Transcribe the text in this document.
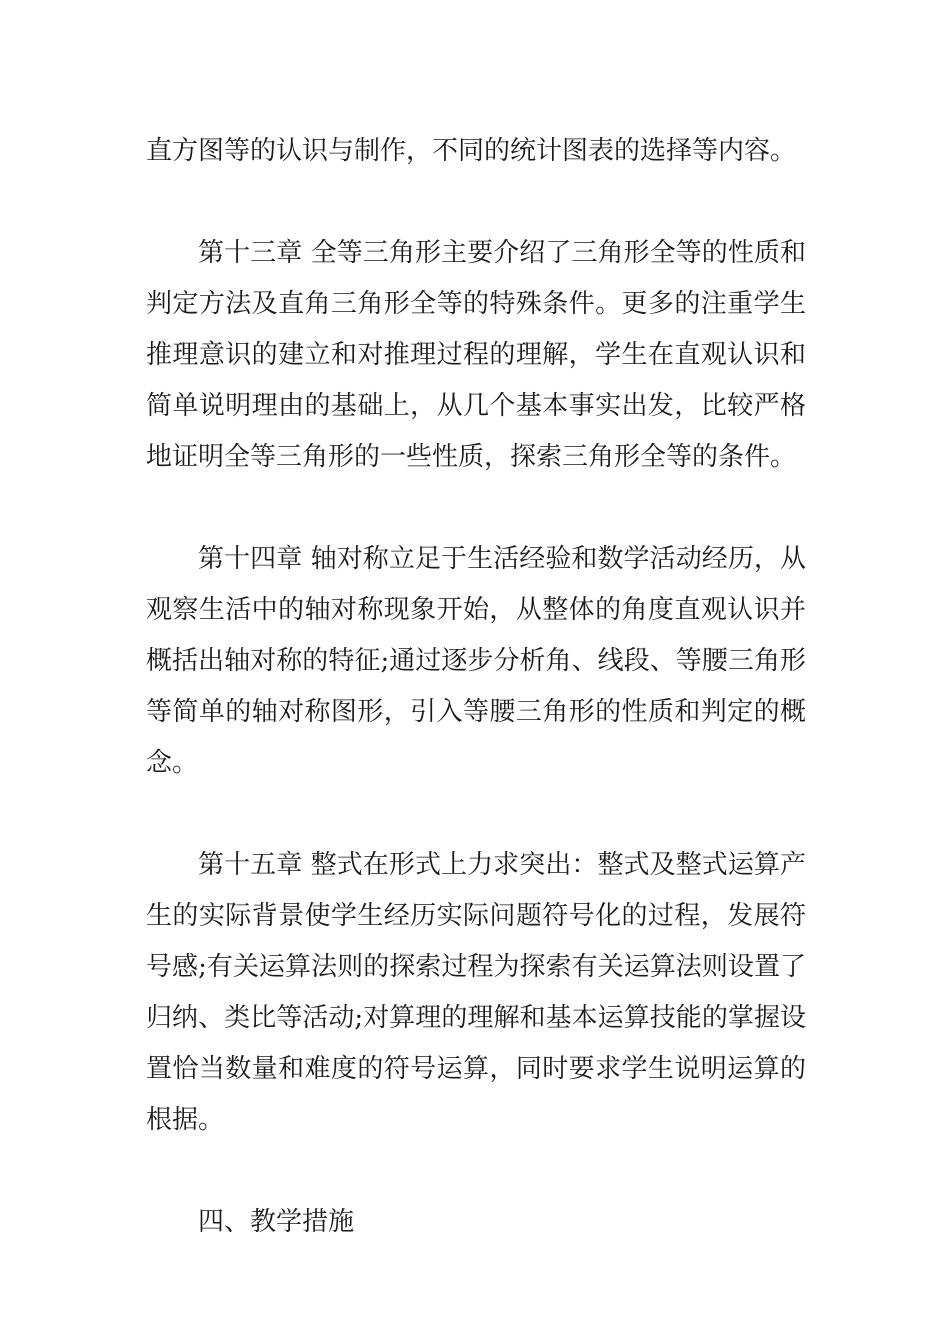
直方图等的认识与制作，不同的统计图表的选择等内容。
第十三章 全等三角形主要介绍了三角形全等的性质和
判定方法及直角三角形全等的特殊条件。更多的注重学生
推理意识的建立和对推理过程的理解，学生在直观认识和
简单说明理由的基础上，从几个基本事实出发，比较严格
地证明全等三角形的一些性质，探索三角形全等的条件。
第十四章 轴对称立足于生活经验和数学活动经历，从
观察生活中的轴对称现象开始，从整体的角度直观认识并
概括出轴对称的特征;通过逐步分析角、线段、等腰三角形
等简单的轴对称图形，引入等腰三角形的性质和判定的概
念。
第十五章 整式在形式上力求突出：整式及整式运算产
生的实际背景使学生经历实际问题符号化的过程，发展符
号感;有关运算法则的探索过程为探索有关运算法则设置了
归纳、类比等活动;对算理的理解和基本运算技能的掌握设
置恰当数量和难度的符号运算，同时要求学生说明运算的
根据。
四、教学措施
